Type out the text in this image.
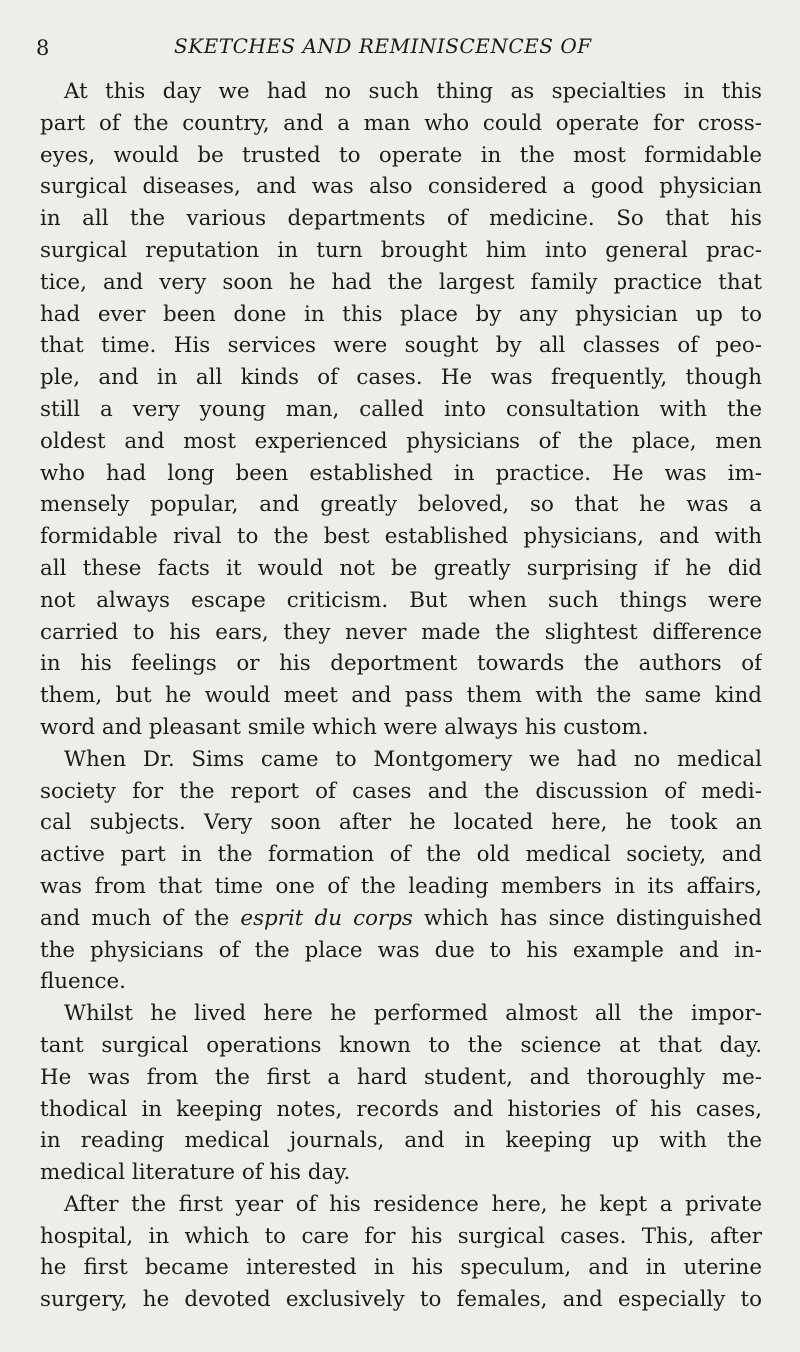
8	SKETCHES AND REMINISCENCES OF

At this day we had no such thing as specialties in this
part of the country, and a man who could operate for cross-
eyes, would be trusted to operate in the most formidable
surgical diseases, and was also considered a good physician
in all the various departments of medicine. So that his
surgical reputation in turn brought him into general prac-
tice, and very soon he had the largest family practice that
had ever been done in this place by any physician up to
that time. His services were sought by all classes of peo-
ple, and in all kinds of cases. He was frequently, though
still a very young man, called into consultation with the
oldest and most experienced physicians of the place, men
who had long been established in practice. He was im-
mensely popular, and greatly beloved, so that he was a
formidable rival to the best established physicians, and with
all these facts it would not be greatly surprising if he did
not always escape criticism. But when such things were
carried to his ears, they never made the slightest difference
in his feelings or his deportment towards the authors of
them, but he would meet and pass them with the same kind
word and pleasant smile which were always his custom.

When Dr. Sims came to Montgomery we had no medical
society for the report of cases and the discussion of medi-
cal subjects. Very soon after he located here, he took an
active part in the formation of the old medical society, and
was from that time one of the leading members in its affairs,
and much of the esprit du corps which has since distinguished
the physicians of the place was due to his example and in-
fluence.

Whilst he lived here he performed almost all the impor-
tant surgical operations known to the science at that day.
He was from the first a hard student, and thoroughly me-
thodical in keeping notes, records and histories of his cases,
in reading medical journals, and in keeping up with the
medical literature of his day.

After the first year of his residence here, he kept a private
hospital, in which to care for his surgical cases. This, after
he first became interested in his speculum, and in uterine
surgery, he devoted exclusively to females, and especially to
